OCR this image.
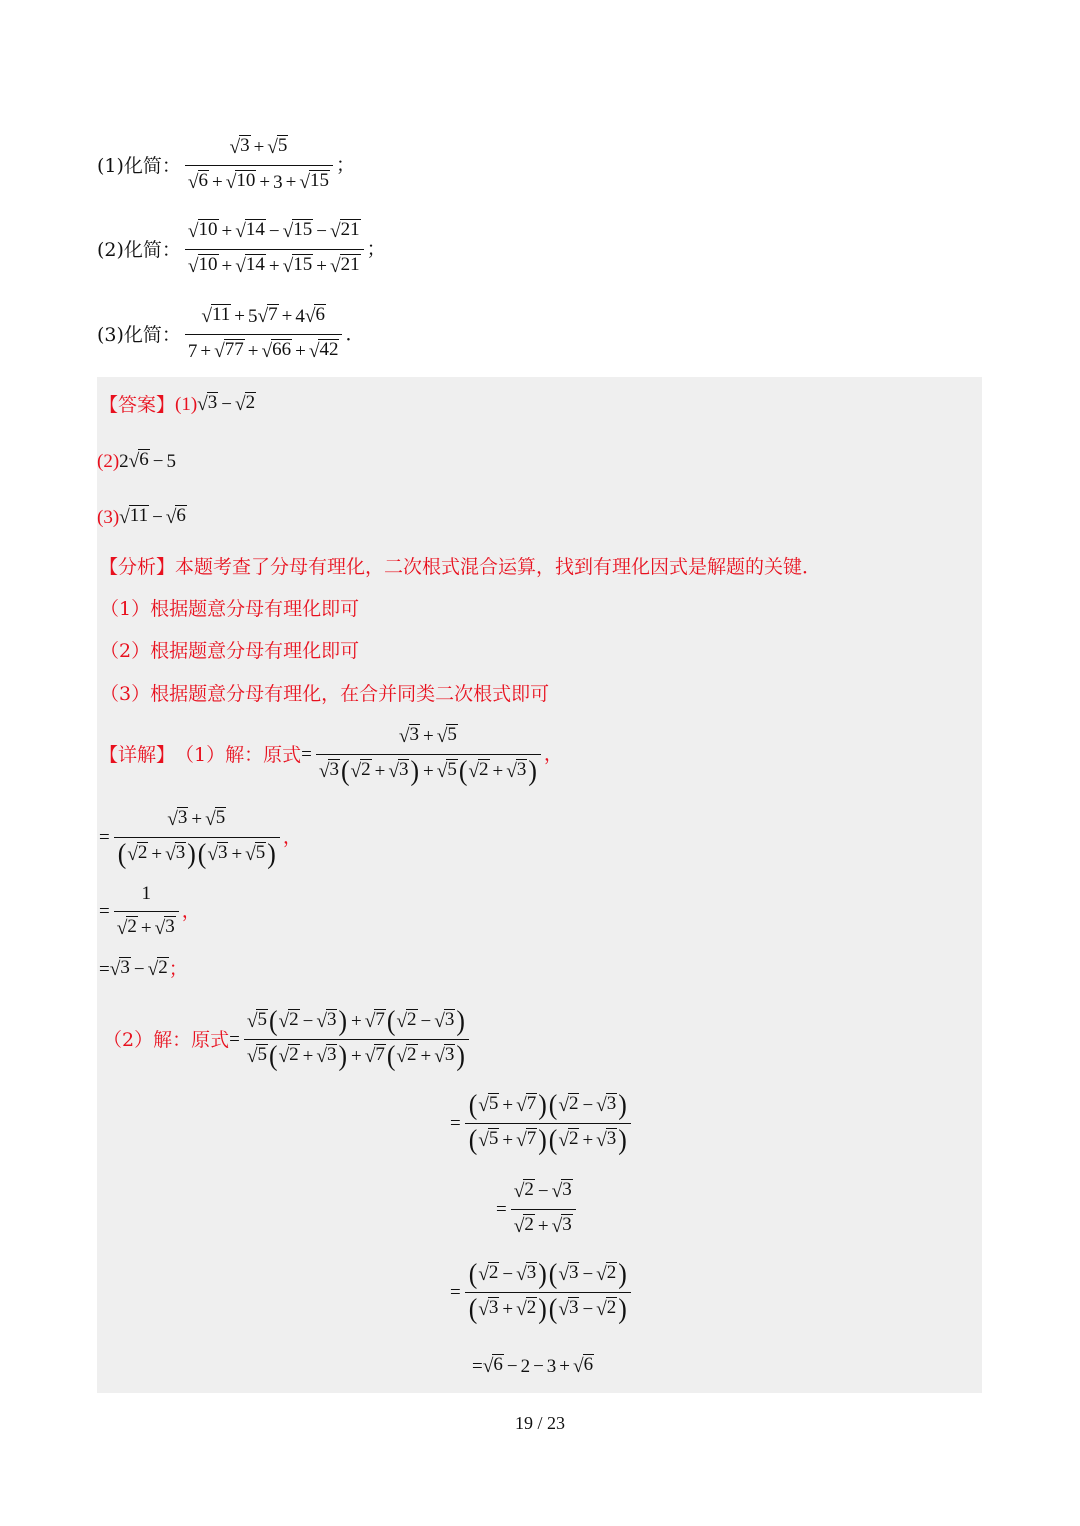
(1)化简： $\frac{√ 3 + √ 5}{√ 6 + √ 10 + 3 + √ 15}$ ；
(2)化简： $\frac{√ 10 + √ 14 - √ 15 - √ 21}{√ 10 + √ 14 + √ 15 + √ 21}$ ；
(3)化简： $\frac{√ 11 + 5 √ 7 + 4 √ 6}{7 + √ 77 + √ 66 + √ 42}$ ．
【答案】 (1) √ 3 − √ 2
(2) 2 √ 6 − 5
(3) √ 11 − √ 6
【分析】 本题考查了分母有理化，二次根式混合运算，找到有理化因式是解题的关键．
（1）根据题意分母有理化即可
（2）根据题意分母有理化即可
（3）根据题意分母有理化，在合并同类二次根式即可
【详解】 （1）解：原式 = $\frac{√ 3 + √ 5}{√ 3 ( √ 2 + √ 3 ) + √ 5 ( √ 2 + √ 3 )}$ ，
= $\frac{√ 3 + √ 5}{( √ 2 + √ 3 )( √ 3 + √ 5 )}$ ，
= $\frac{1}{√ 2 + √ 3}$ ，
= √ 3 − √ 2 ；
（2）解：原式 = $\frac{√ 5 ( √ 2 - √ 3 ) + √ 7 ( √ 2 - √ 3 )}{√ 5 ( √ 2 + √ 3 ) + √ 7 ( √ 2 + √ 3 )}$
= $\frac{( √ 5 + √ 7 )( √ 2 - √ 3 )}{( √ 5 + √ 7 )( √ 2 + √ 3 )}$
= $\frac{√ 2 - √ 3}{√ 2 + √ 3}$
= $\frac{( √ 2 - √ 3 )( √ 3 - √ 2 )}{( √ 3 + √ 2 )( √ 3 - √ 2 )}$
= √ 6 − 2 − 3 + √ 6
19 / 23
